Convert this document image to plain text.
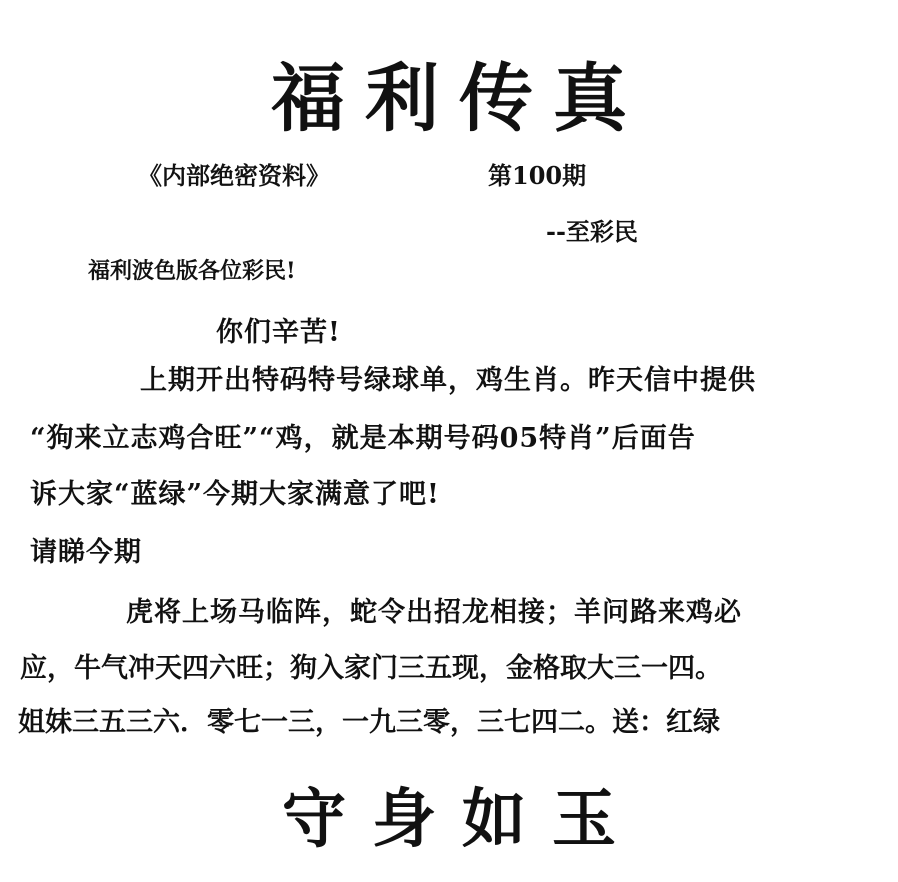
福利传真
《内部绝密资料》	第100期
--至彩民
福利波色版各位彩民!
你们辛苦!
上期开出特码特号绿球单，鸡生肖。昨天信中提供
“狗来立志鸡合旺”“鸡，就是本期号码05特肖”后面告
诉大家“蓝绿”今期大家满意了吧!
请睇今期
虎将上场马临阵，蛇令出招龙相接；羊问路来鸡必
应，牛气冲天四六旺；狗入家门三五现，金格取大三一四。
姐妹三五三六．零七一三，一九三零，三七四二。送：红绿
守身如玉
